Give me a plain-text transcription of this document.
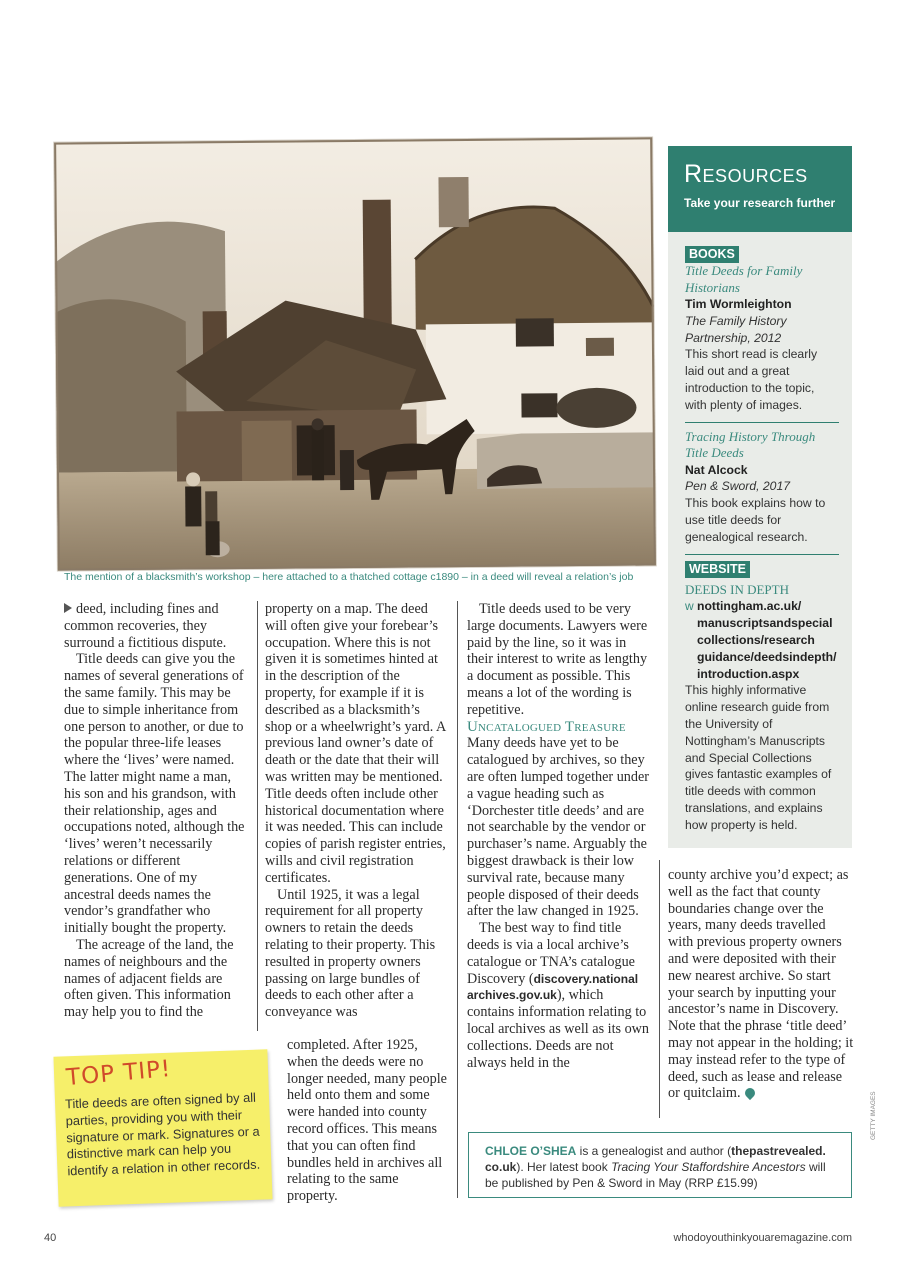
The mention of a blacksmith’s workshop – here attached to a thatched cottage c1890 – in a deed will reveal a relation’s job

deed, including fines and common recoveries, they surround a fictitious dispute.

Title deeds can give you the names of several generations of the same family. This may be due to simple inheritance from one person to another, or due to the popular three-life leases where the ‘lives’ were named. The latter might name a man, his son and his grandson, with their relationship, ages and occupations noted, although the ‘lives’ weren’t necessarily relations or different generations. One of my ancestral deeds names the vendor’s grandfather who initially bought the property.

The acreage of the land, the names of neighbours and the names of adjacent fields are often given. This information may help you to find the

property on a map. The deed will often give your forebear’s occupation. Where this is not given it is sometimes hinted at in the description of the property, for example if it is described as a blacksmith’s shop or a wheelwright’s yard. A previous land owner’s date of death or the date that their will was written may be mentioned. Title deeds often include other historical documentation where it was needed. This can include copies of parish register entries, wills and civil registration certificates.

Until 1925, it was a legal requirement for all property owners to retain the deeds relating to their property. This resulted in property owners passing on large bundles of deeds to each other after a conveyance was

completed. After 1925, when the deeds were no longer needed, many people held onto them and some were handed into county record offices. This means that you can often find bundles held in archives all relating to the same property.

Title deeds used to be very large documents. Lawyers were paid by the line, so it was in their interest to write as lengthy a document as possible. This means a lot of the wording is repetitive.

Uncatalogued Treasure

Many deeds have yet to be catalogued by archives, so they are often lumped together under a vague heading such as ‘Dorchester title deeds’ and are not searchable by the vendor or purchaser’s name. Arguably the biggest drawback is their low survival rate, because many people disposed of their deeds after the law changed in 1925.

The best way to find title deeds is via a local archive’s catalogue or TNA’s catalogue Discovery (discovery.national archives.gov.uk), which contains information relating to local archives as well as its own collections. Deeds are not always held in the

county archive you’d expect; as well as the fact that county boundaries change over the years, many deeds travelled with previous property owners and were deposited with their new nearest archive. So start your search by inputting your ancestor’s name in Discovery. Note that the phrase ‘title deed’ may not appear in the holding; it may instead refer to the type of deed, such as lease and release or quitclaim.

Resources
Take your research further
BOOKS
Title Deeds for Family Historians
Tim Wormleighton
The Family History Partnership, 2012
This short read is clearly laid out and a great introduction to the topic, with plenty of images.
Tracing History Through Title Deeds
Nat Alcock
Pen & Sword, 2017
This book explains how to use title deeds for genealogical research.
WEBSITE
DEEDS IN DEPTH
w nottingham.ac.uk/ manuscriptsandspecial collections/research guidance/deedsindepth/ introduction.aspx
This highly informative online research guide from the University of Nottingham’s Manuscripts and Special Collections gives fantastic examples of title deeds with common translations, and explains how property is held.
TOP TIP!
Title deeds are often signed by all parties, providing you with their signature or mark. Signatures or a distinctive mark can help you identify a relation in other records.
CHLOE O’SHEA is a genealogist and author (thepastrevealed. co.uk). Her latest book Tracing Your Staffordshire Ancestors will be published by Pen & Sword in May (RRP £15.99)
GETTY IMAGES
40	whodoyouthinkyouaremagazine.com
